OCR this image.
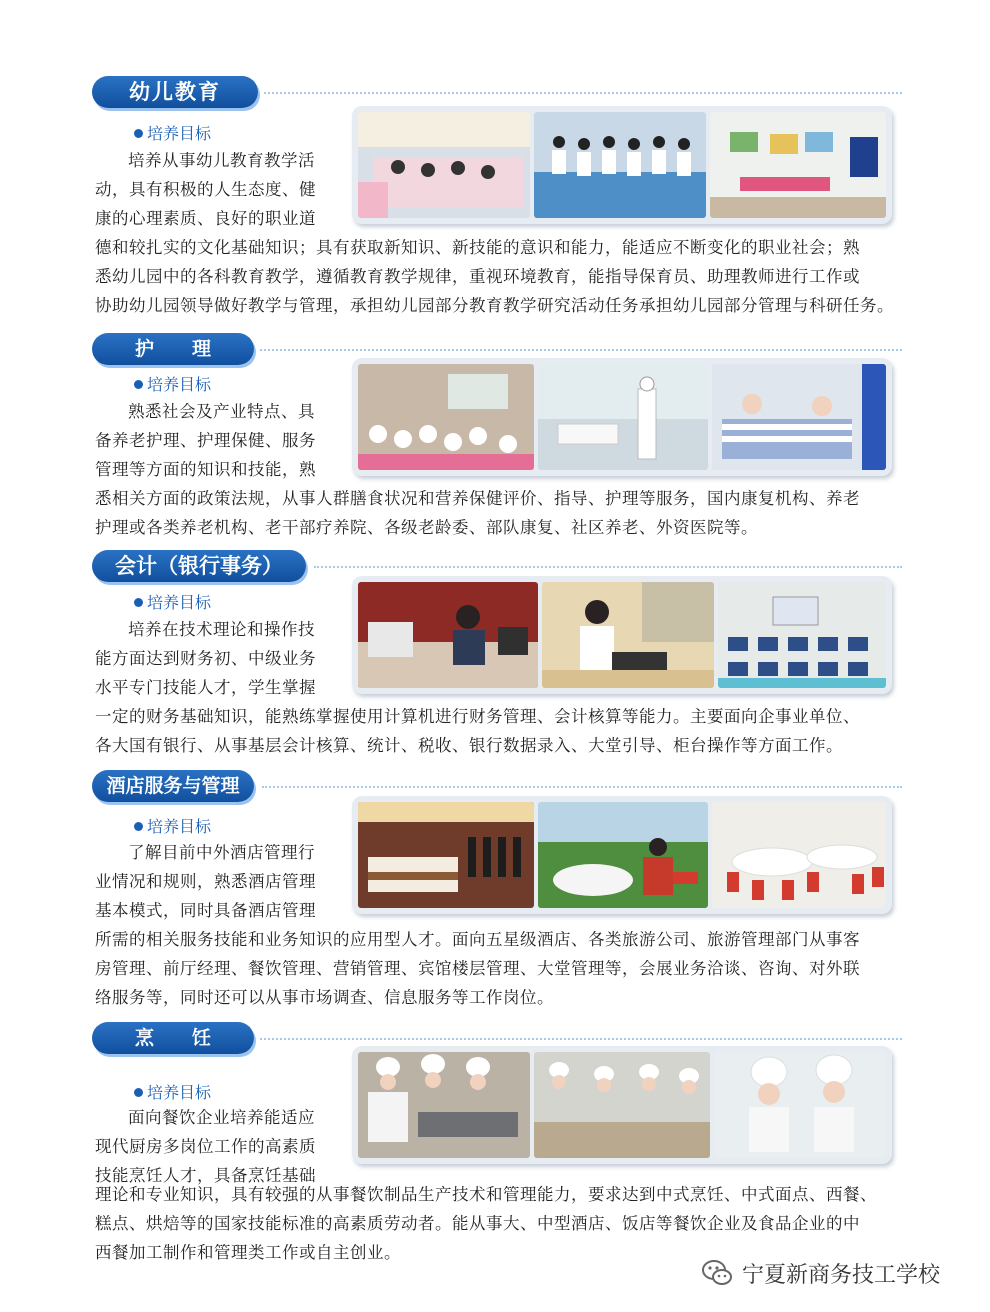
幼儿教育
培养目标
培养从事幼儿教育教学活
动，具有积极的人生态度、健
康的心理素质、良好的职业道
德和较扎实的文化基础知识；具有获取新知识、新技能的意识和能力，能适应不断变化的职业社会；熟
悉幼儿园中的各科教育教学，遵循教育教学规律，重视环境教育，能指导保育员、助理教师进行工作或
协助幼儿园领导做好教学与管理，承担幼儿园部分教育教学研究活动任务承担幼儿园部分管理与科研任务。
护　　理
培养目标
熟悉社会及产业特点、具
备养老护理、护理保健、服务
管理等方面的知识和技能，熟
悉相关方面的政策法规，从事人群膳食状况和营养保健评价、指导、护理等服务，国内康复机构、养老
护理或各类养老机构、老干部疗养院、各级老龄委、部队康复、社区养老、外资医院等。
会计（银行事务）
培养目标
培养在技术理论和操作技
能方面达到财务初、中级业务
水平专门技能人才，学生掌握
一定的财务基础知识，能熟练掌握使用计算机进行财务管理、会计核算等能力。主要面向企事业单位、
各大国有银行、从事基层会计核算、统计、税收、银行数据录入、大堂引导、柜台操作等方面工作。
酒店服务与管理
培养目标
了解目前中外酒店管理行
业情况和规则，熟悉酒店管理
基本模式，同时具备酒店管理
所需的相关服务技能和业务知识的应用型人才。面向五星级酒店、各类旅游公司、旅游管理部门从事客
房管理、前厅经理、餐饮管理、营销管理、宾馆楼层管理、大堂管理等，会展业务洽谈、咨询、对外联
络服务等，同时还可以从事市场调查、信息服务等工作岗位。
烹　　饪
培养目标
面向餐饮企业培养能适应
现代厨房多岗位工作的高素质
技能烹饪人才，具备烹饪基础
理论和专业知识，具有较强的从事餐饮制品生产技术和管理能力，要求达到中式烹饪、中式面点、西餐、
糕点、烘焙等的国家技能标准的高素质劳动者。能从事大、中型酒店、饭店等餐饮企业及食品企业的中
西餐加工制作和管理类工作或自主创业。
宁夏新商务技工学校
